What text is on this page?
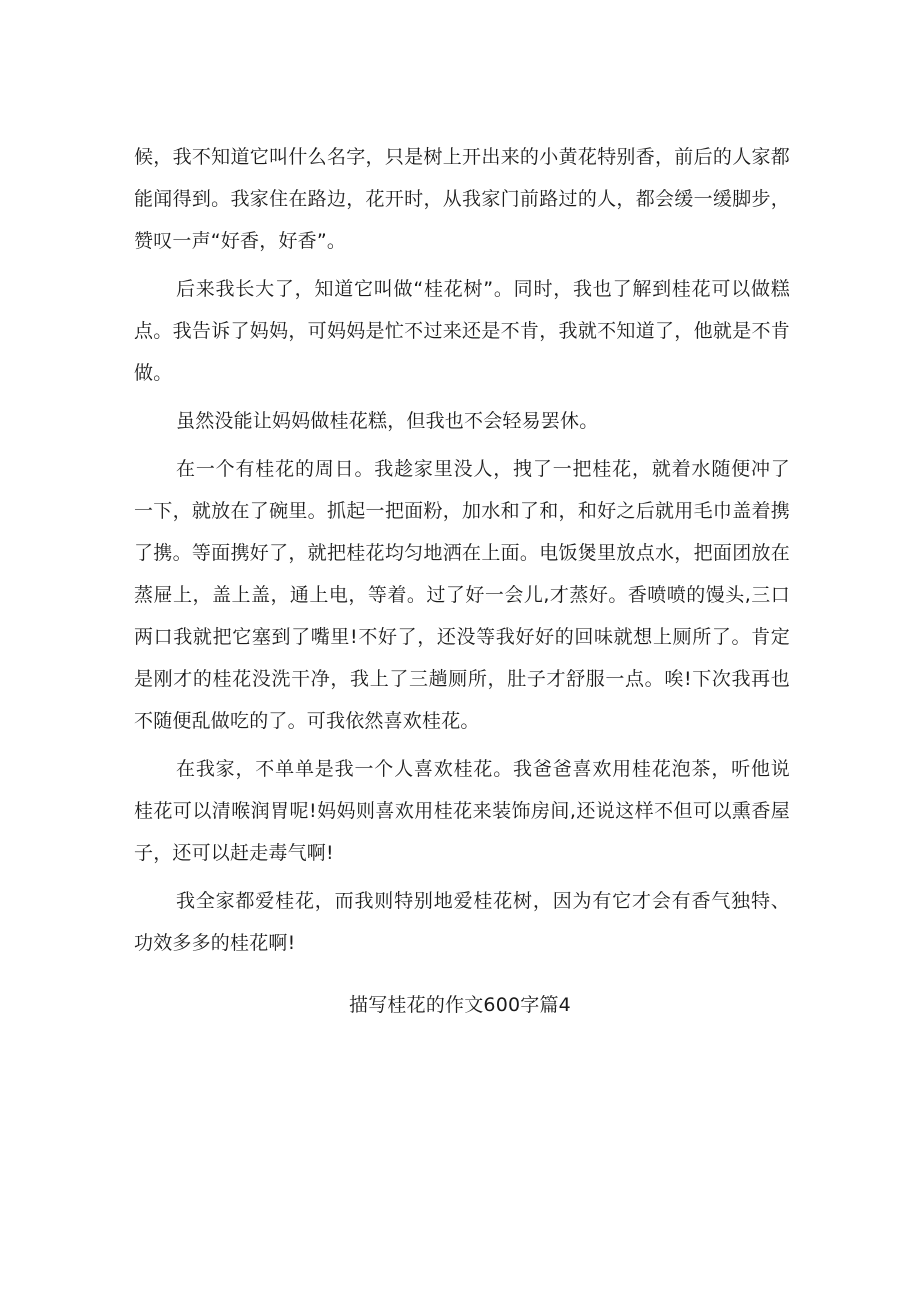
候，我不知道它叫什么名字，只是树上开出来的小黄花特别香，前后的人家都能闻得到。我家住在路边，花开时，从我家门前路过的人，都会缓一缓脚步，赞叹一声“好香，好香”。

后来我长大了，知道它叫做“桂花树”。同时，我也了解到桂花可以做糕点。我告诉了妈妈，可妈妈是忙不过来还是不肯，我就不知道了，他就是不肯做。

虽然没能让妈妈做桂花糕，但我也不会轻易罢休。

在一个有桂花的周日。我趁家里没人，拽了一把桂花，就着水随便冲了一下，就放在了碗里。抓起一把面粉，加水和了和，和好之后就用毛巾盖着携了携。等面携好了，就把桂花均匀地洒在上面。电饭煲里放点水，把面团放在蒸屉上，盖上盖，通上电，等着。过了好一会儿,才蒸好。香喷喷的馒头,三口两口我就把它塞到了嘴里!不好了，还没等我好好的回味就想上厕所了。肯定是刚才的桂花没洗干净，我上了三趟厕所，肚子才舒服一点。唉!下次我再也不随便乱做吃的了。可我依然喜欢桂花。

在我家，不单单是我一个人喜欢桂花。我爸爸喜欢用桂花泡茶，听他说桂花可以清喉润胃呢!妈妈则喜欢用桂花来装饰房间,还说这样不但可以熏香屋子，还可以赶走毒气啊!

我全家都爱桂花，而我则特别地爱桂花树，因为有它才会有香气独特、功效多多的桂花啊!

描写桂花的作文600字篇4
